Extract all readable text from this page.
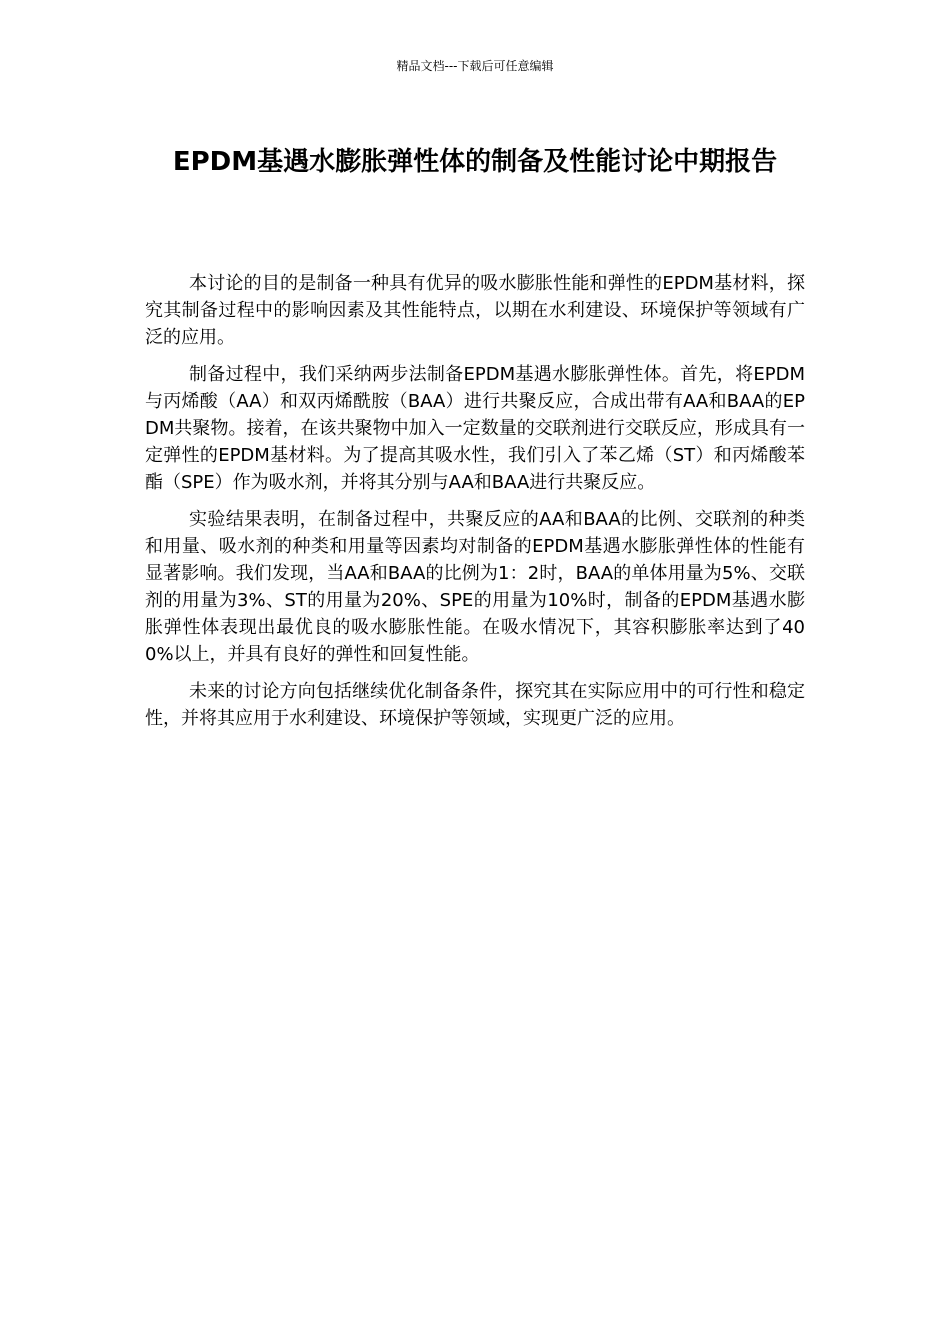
精品文档---下载后可任意编辑
EPDM基遇水膨胀弹性体的制备及性能讨论中期报告

本讨论的目的是制备一种具有优异的吸水膨胀性能和弹性的EPDM基材料，探究其制备过程中的影响因素及其性能特点，以期在水利建设、环境保护等领域有广泛的应用。

制备过程中，我们采纳两步法制备EPDM基遇水膨胀弹性体。首先，将EPDM与丙烯酸（AA）和双丙烯酰胺（BAA）进行共聚反应，合成出带有AA和BAA的EPDM共聚物。接着，在该共聚物中加入一定数量的交联剂进行交联反应，形成具有一定弹性的EPDM基材料。为了提高其吸水性，我们引入了苯乙烯（ST）和丙烯酸苯酯（SPE）作为吸水剂，并将其分别与AA和BAA进行共聚反应。

实验结果表明，在制备过程中，共聚反应的AA和BAA的比例、交联剂的种类和用量、吸水剂的种类和用量等因素均对制备的EPDM基遇水膨胀弹性体的性能有显著影响。我们发现，当AA和BAA的比例为1：2时，BAA的单体用量为5%、交联剂的用量为3%、ST的用量为20%、SPE的用量为10%时，制备的EPDM基遇水膨胀弹性体表现出最优良的吸水膨胀性能。在吸水情况下，其容积膨胀率达到了400%以上，并具有良好的弹性和回复性能。

未来的讨论方向包括继续优化制备条件，探究其在实际应用中的可行性和稳定性，并将其应用于水利建设、环境保护等领域，实现更广泛的应用。
